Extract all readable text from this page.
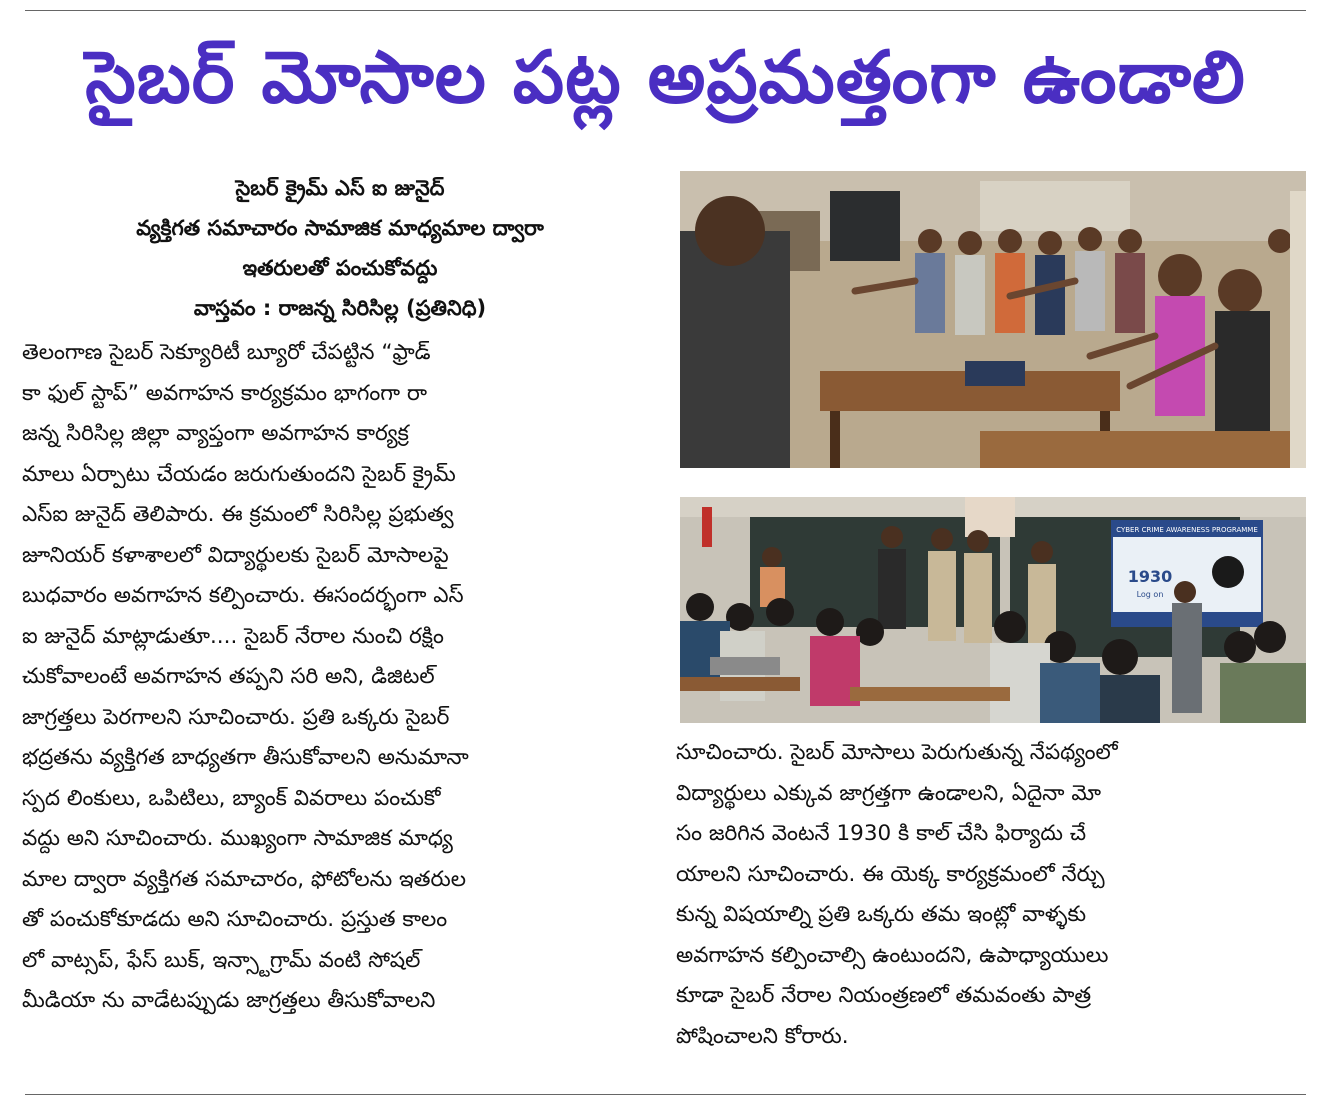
సైబర్ మోసాల పట్ల అప్రమత్తంగా ఉండాలి
సైబర్ క్రైమ్ ఎస్ ఐ జునైద్
వ్యక్తిగత సమాచారం సామాజిక మాధ్యమాల ద్వారా
ఇతరులతో పంచుకోవద్దు
వాస్తవం : రాజన్న సిరిసిల్ల (ప్రతినిధి)
తెలంగాణ సైబర్ సెక్యూరిటీ బ్యూరో చేపట్టిన “ఫ్రాడ్
కా ఫుల్ స్టాప్” అవగాహన కార్యక్రమం భాగంగా రా
జన్న సిరిసిల్ల జిల్లా వ్యాప్తంగా అవగాహన కార్యక్ర
మాలు ఏర్పాటు చేయడం జరుగుతుందని సైబర్ క్రైమ్
ఎస్ఐ జునైద్ తెలిపారు. ఈ క్రమంలో సిరిసిల్ల ప్రభుత్వ
జూనియర్ కళాశాలలో విద్యార్థులకు సైబర్ మోసాలపై
బుధవారం అవగాహన కల్పించారు. ఈసందర్భంగా ఎస్
ఐ జునైద్ మాట్లాడుతూ.... సైబర్ నేరాల నుంచి రక్షిం
చుకోవాలంటే అవగాహన తప్పని సరి అని, డిజిటల్
జాగ్రత్తలు పెరగాలని సూచించారు. ప్రతి ఒక్కరు సైబర్
భద్రతను వ్యక్తిగత బాధ్యతగా తీసుకోవాలని అనుమానా
స్పద లింకులు, ఒపిటిలు, బ్యాంక్ వివరాలు పంచుకో
వద్దు అని సూచించారు. ముఖ్యంగా సామాజిక మాధ్య
మాల ద్వారా వ్యక్తిగత సమాచారం, ఫోటోలను ఇతరుల
తో పంచుకోకూడదు అని సూచించారు. ప్రస్తుత కాలం
లో వాట్సప్, ఫేస్ బుక్, ఇన్స్టాగ్రామ్ వంటి సోషల్
మీడియా ను వాడేటప్పుడు జాగ్రత్తలు తీసుకోవాలని
CYBER CRIME AWARENESS PROGRAMME
1930
Log on
సూచించారు. సైబర్ మోసాలు పెరుగుతున్న నేపథ్యంలో
విద్యార్థులు ఎక్కువ జాగ్రత్తగా ఉండాలని, ఏదైనా మో
సం జరిగిన వెంటనే 1930 కి కాల్ చేసి ఫిర్యాదు చే
యాలని సూచించారు. ఈ యెక్క కార్యక్రమంలో నేర్చు
కున్న విషయాల్ని ప్రతి ఒక్కరు తమ ఇంట్లో వాళ్ళకు
అవగాహన కల్పించాల్సి ఉంటుందని, ఉపాధ్యాయులు
కూడా సైబర్ నేరాల నియంత్రణలో తమవంతు పాత్ర
పోషించాలని కోరారు.
